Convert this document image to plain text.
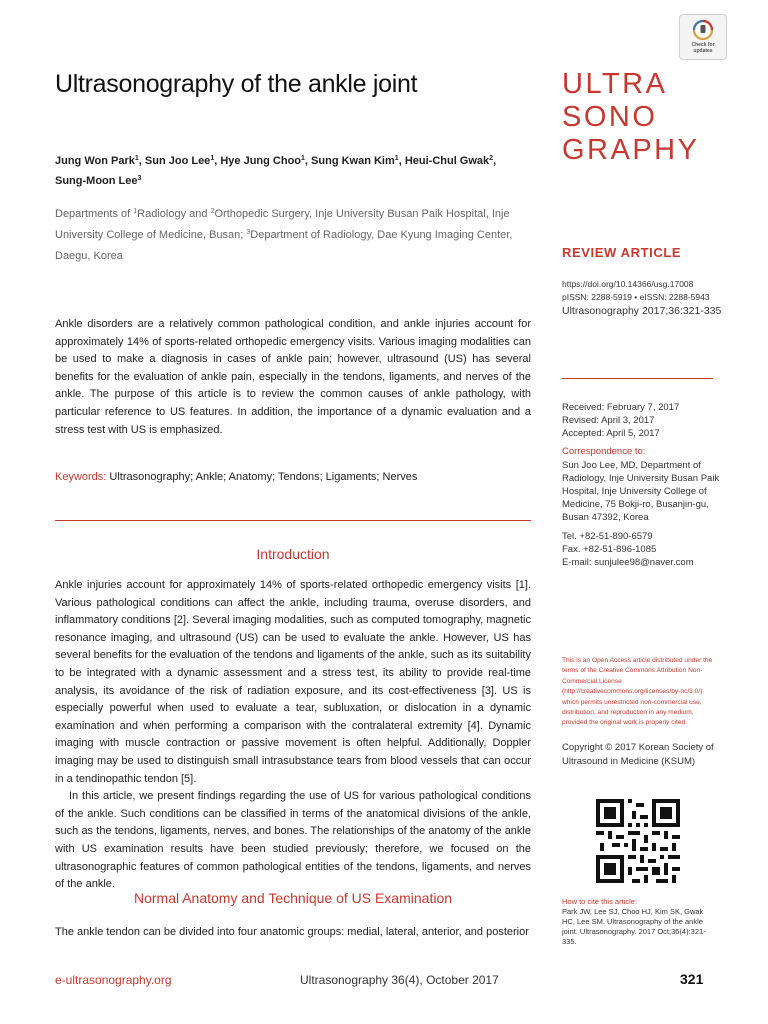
Ultrasonography of the ankle joint
Jung Won Park$^1$, Sun Joo Lee$^1$, Hye Jung Choo$^1$, Sung Kwan Kim$^1$, Heui-Chul Gwak$^2$, Sung-Moon Lee$^3$
Departments of $^1$Radiology and $^2$Orthopedic Surgery, Inje University Busan Paik Hospital, Inje University College of Medicine, Busan; $^3$Department of Radiology, Dae Kyung Imaging Center, Daegu, Korea
Ankle disorders are a relatively common pathological condition, and ankle injuries account for approximately 14% of sports-related orthopedic emergency visits. Various imaging modalities can be used to make a diagnosis in cases of ankle pain; however, ultrasound (US) has several benefits for the evaluation of ankle pain, especially in the tendons, ligaments, and nerves of the ankle. The purpose of this article is to review the common causes of ankle pathology, with particular reference to US features. In addition, the importance of a dynamic evaluation and a stress test with US is emphasized.
Keywords: Ultrasonography; Ankle; Anatomy; Tendons; Ligaments; Nerves
Introduction

Ankle injuries account for approximately 14% of sports-related orthopedic emergency visits [1]. Various pathological conditions can affect the ankle, including trauma, overuse disorders, and inflammatory conditions [2]. Several imaging modalities, such as computed tomography, magnetic resonance imaging, and ultrasound (US) can be used to evaluate the ankle. However, US has several benefits for the evaluation of the tendons and ligaments of the ankle, such as its suitability to be integrated with a dynamic assessment and a stress test, its ability to provide real-time analysis, its avoidance of the risk of radiation exposure, and its cost-effectiveness [3]. US is especially powerful when used to evaluate a tear, subluxation, or dislocation in a dynamic examination and when performing a comparison with the contralateral extremity [4]. Dynamic imaging with muscle contraction or passive movement is often helpful. Additionally, Doppler imaging may be used to distinguish small intrasubstance tears from blood vessels that can occur in a tendinopathic tendon [5].

In this article, we present findings regarding the use of US for various pathological conditions of the ankle. Such conditions can be classified in terms of the anatomical divisions of the ankle, such as the tendons, ligaments, nerves, and bones. The relationships of the anatomy of the ankle with US examination results have been studied previously; therefore, we focused on the ultrasonographic features of common pathological entities of the tendons, ligaments, and nerves of the ankle.

Normal Anatomy and Technique of US Examination
The ankle tendon can be divided into four anatomic groups: medial, lateral, anterior, and posterior
e-ultrasonography.org	Ultrasonography 36(4), October 2017	321
Check for
updates
ULTRA
SONO
GRAPHY
REVIEW ARTICLE
https://doi.org/10.14366/usg.17008
pISSN: 2288-5919 • eISSN: 2288-5943
Ultrasonography 2017;36:321-335
Received: February 7, 2017
Revised: April 3, 2017
Accepted: April 5, 2017
Correspondence to:
Sun Joo Lee, MD, Department of Radiology, Inje University Busan Paik Hospital, Inje University College of Medicine, 75 Bokji-ro, Busanjin-gu, Busan 47392, Korea
Tel. +82-51-890-6579
Fax. +82-51-896-1085
E-mail: sunjulee98@naver.com
This is an Open Access article distributed under the terms of the Creative Commons Attribution Non-Commercial License (http://creativecommons.org/licenses/by-nc/3.0/) which permits unrestricted non-commercial use, distribution, and reproduction in any medium, provided the original work is properly cited.
Copyright © 2017 Korean Society of Ultrasound in Medicine (KSUM)
How to cite this article:
Park JW, Lee SJ, Choo HJ, Kim SK, Gwak HC, Lee SM. Ultrasonography of the ankle joint. Ultrasonography. 2017 Oct;36(4):321-335.
